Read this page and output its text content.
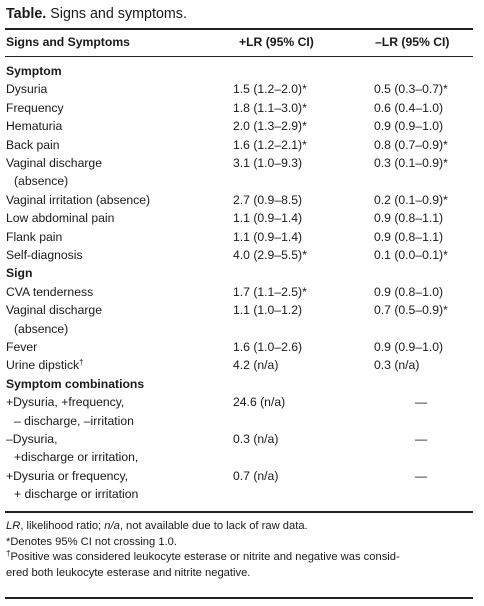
Table. Signs and symptoms.
Signs and Symptoms	+LR (95% CI)	–LR (95% CI)
Symptom
Dysuria	1.5 (1.2–2.0)*	0.5 (0.3–0.7)*
Frequency	1.8 (1.1–3.0)*	0.6 (0.4–1.0)
Hematuria	2.0 (1.3–2.9)*	0.9 (0.9–1.0)
Back pain	1.6 (1.2–2.1)*	0.8 (0.7–0.9)*
Vaginal discharge	3.1 (1.0–9.3)	0.3 (0.1–0.9)*
(absence)
Vaginal irritation (absence)	2.7 (0.9–8.5)	0.2 (0.1–0.9)*
Low abdominal pain	1.1 (0.9–1.4)	0.9 (0.8–1.1)
Flank pain	1.1 (0.9–1.4)	0.9 (0.8–1.1)
Self-diagnosis	4.0 (2.9–5.5)*	0.1 (0.0–0.1)*
Sign
CVA tenderness	1.7 (1.1–2.5)*	0.9 (0.8–1.0)
Vaginal discharge	1.1 (1.0–1.2)	0.7 (0.5–0.9)*
(absence)
Fever	1.6 (1.0–2.6)	0.9 (0.9–1.0)
Urine dipstick †	4.2 (n/a)	0.3 (n/a)
Symptom combinations
+Dysuria, +frequency,	24.6 (n/a)	—
– discharge, –irritation
–Dysuria,	0.3 (n/a)	—
+discharge or irritation,
+Dysuria or frequency,	0.7 (n/a)	—
+ discharge or irritation
LR, likelihood ratio; n/a, not available due to lack of raw data.
*Denotes 95% CI not crossing 1.0.
†Positive was considered leukocyte esterase or nitrite and negative was consid-
ered both leukocyte esterase and nitrite negative.
